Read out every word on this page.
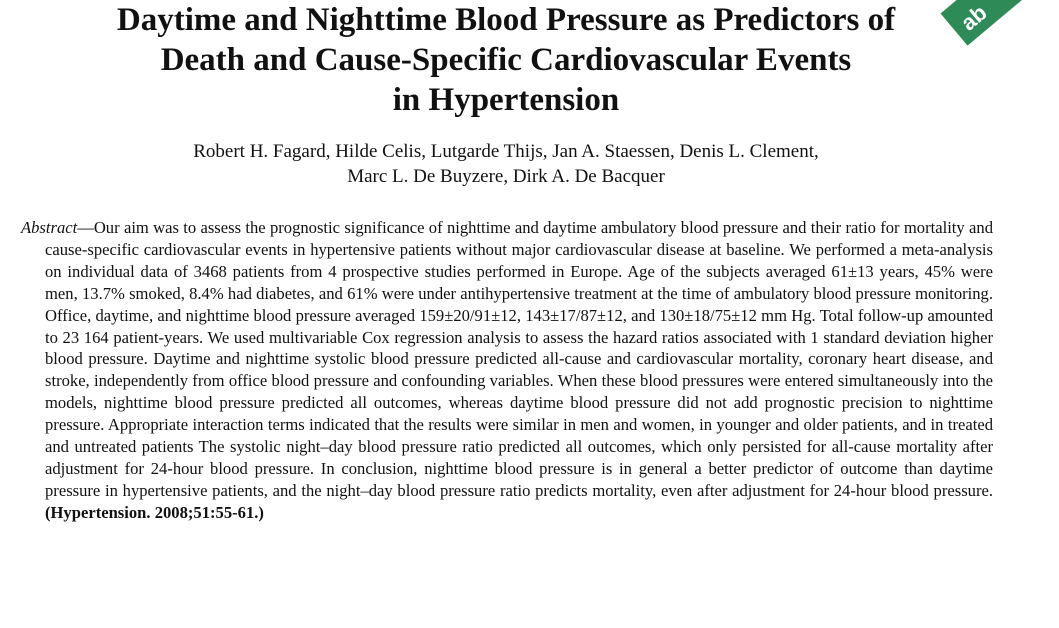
ab
Daytime and Nighttime Blood Pressure as Predictors of
Death and Cause-Specific Cardiovascular Events
in Hypertension
Robert H. Fagard, Hilde Celis, Lutgarde Thijs, Jan A. Staessen, Denis L. Clement,
Marc L. De Buyzere, Dirk A. De Bacquer

Abstract—Our aim was to assess the prognostic significance of nighttime and daytime ambulatory blood pressure and their ratio for mortality and cause-specific cardiovascular events in hypertensive patients without major cardiovascular disease at baseline. We performed a meta-analysis on individual data of 3468 patients from 4 prospective studies performed in Europe. Age of the subjects averaged 61±13 years, 45% were men, 13.7% smoked, 8.4% had diabetes, and 61% were under antihypertensive treatment at the time of ambulatory blood pressure monitoring. Office, daytime, and nighttime blood pressure averaged 159±20/91±12, 143±17/87±12, and 130±18/75±12 mm Hg. Total follow-up amounted to 23 164 patient-years. We used multivariable Cox regression analysis to assess the hazard ratios associated with 1 standard deviation higher blood pressure. Daytime and nighttime systolic blood pressure predicted all-cause and cardiovascular mortality, coronary heart disease, and stroke, independently from office blood pressure and confounding variables. When these blood pressures were entered simultaneously into the models, nighttime blood pressure predicted all outcomes, whereas daytime blood pressure did not add prognostic precision to nighttime pressure. Appropriate interaction terms indicated that the results were similar in men and women, in younger and older patients, and in treated and untreated patients The systolic night–day blood pressure ratio predicted all outcomes, which only persisted for all-cause mortality after adjustment for 24-hour blood pressure. In conclusion, nighttime blood pressure is in general a better predictor of outcome than daytime pressure in hypertensive patients, and the night–day blood pressure ratio predicts mortality, even after adjustment for 24-hour blood pressure. (Hypertension. 2008;51:55-61.)
